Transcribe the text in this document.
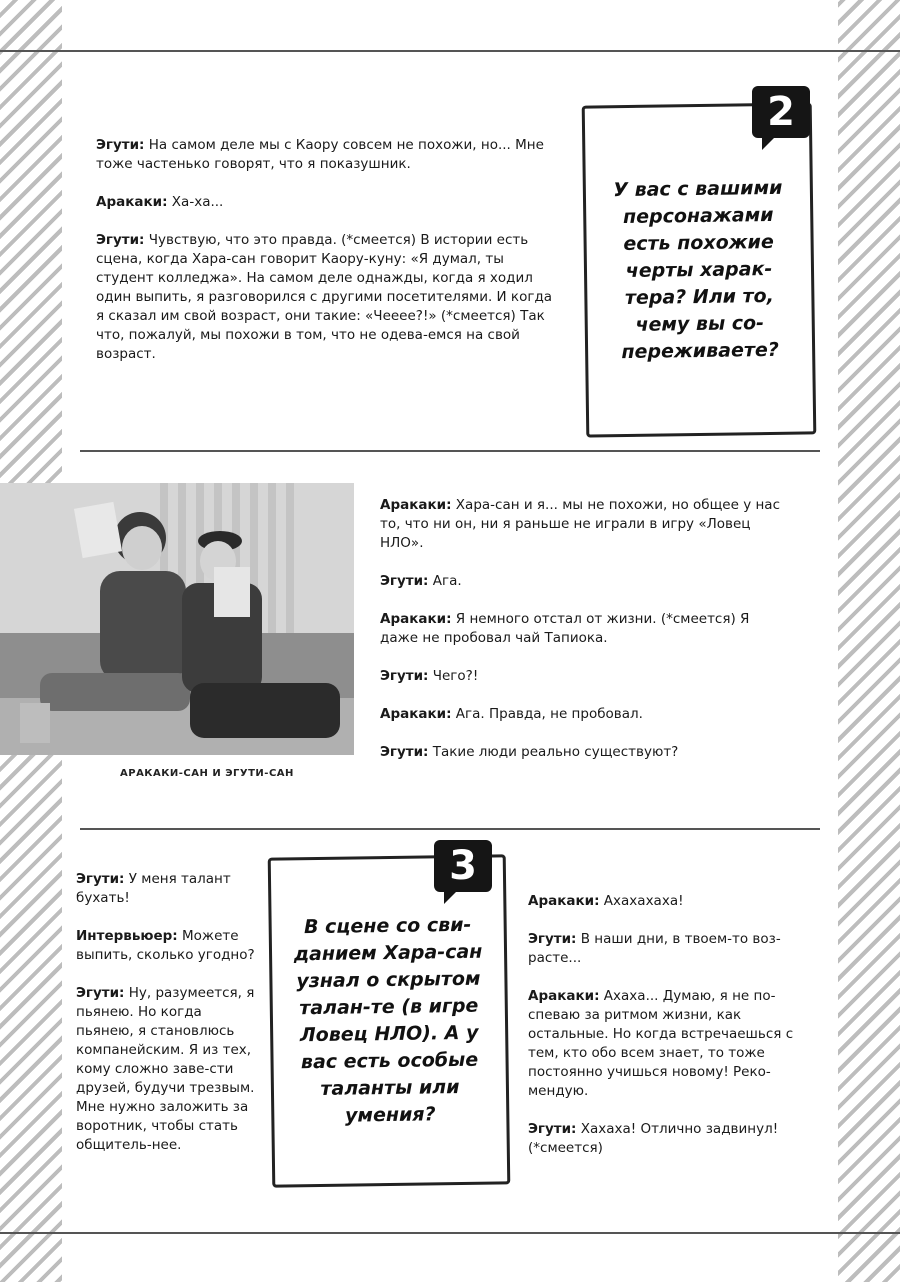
Эгути: На самом деле мы с Каору совсем не похожи, но... Мне тоже частенько говорят, что я показушник.

Аракаки: Ха-ха...

Эгути: Чувствую, что это правда. (*смеется) В истории есть сцена, когда Хара-сан говорит Каору-куну: «Я думал, ты студент колледжа». На самом деле однажды, когда я ходил один выпить, я разговорился с другими посетителями. И когда я сказал им свой возраст, они такие: «Чееее?!» (*смеется) Так что, пожалуй, мы похожи в том, что не одева-емся на свой возраст.

У вас с вашими персонажами есть похожие черты харак-тера? Или то, чему вы со-переживаете?
2
АРАКАКИ-САН И ЭГУТИ-САН

Аракаки: Хара-сан и я... мы не похожи, но общее у нас то, что ни он, ни я раньше не играли в игру «Ловец НЛО».

Эгути: Ага.

Аракаки: Я немного отстал от жизни. (*смеется) Я даже не пробовал чай Тапиока.

Эгути: Чего?!

Аракаки: Ага. Правда, не пробовал.

Эгути: Такие люди реально существуют?

Эгути: У меня талант бухать!

Интервьюер: Можете выпить, сколько угодно?

Эгути: Ну, разумеется, я пьянею. Но когда пьянею, я становлюсь компанейским. Я из тех, кому сложно заве-сти друзей, будучи трезвым. Мне нужно заложить за воротник, чтобы стать общитель-нее.

В сцене со сви-данием Хара-сан узнал о скрытом талан-те (в игре Ловец НЛО). А у вас есть особые таланты или умения?
3

Аракаки: Ахахахаха!

Эгути: В наши дни, в твоем-то воз-расте...

Аракаки: Ахаха... Думаю, я не по-спеваю за ритмом жизни, как остальные. Но когда встречаешься с тем, кто обо всем знает, то тоже постоянно учишься новому! Реко-мендую.

Эгути: Хахаха! Отлично задвинул! (*смеется)
